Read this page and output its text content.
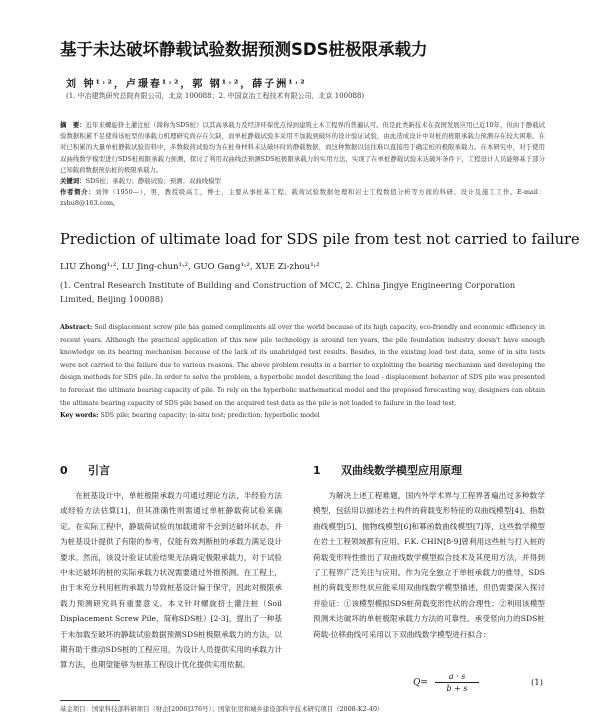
基于未达破坏静载试验数据预测SDS桩极限承载力
刘 钟¹˒²，卢璟春¹˒²，郭 钢¹˒²，薛子洲¹˒²
(1. 中冶建筑研究总院有限公司，北京 100088；2. 中国京冶工程技术有限公司，北京 100088)

摘　要：近年来螺旋挤土灌注桩（简称为SDS桩）以其高承载力及经济环保优点得到建筑土木工程界的普遍认可。但是此类新技术在我国发展应用已近10年，但由于静载试验数据积累不足使得该桩型的承载力机理研究尚存在欠缺，而单桩静载试验多采用不加载到破坏的设计验证试验，由此造成设计中对桩的极限承载力预测存在较大困难。在对已积累的大量单桩静载试验资料中，多数载荷试验均为在桩身材料未达破坏时的静载数据，而这种数据以往往难以直接用于确定桩的极限承载力。在本研究中，对于使用双曲线数学模型进行SDS桩极限承载力预测，探讨了利用双曲线法预测SDS桩极限承载力的实用方法，实现了在单桩静载试验未达破坏条件下，工程设计人员能够基于部分已知载荷数据预估桩的极限承载力。

关键词：SDS桩；承载力；静载试验；预测；双曲线模型

作者简介：刘钟（1950—），男，教授级高工，博士，主要从事桩基工程、载荷试验数据处理和岩土工程数值分析等方面的科研、设计及施工工作。E-mail：zshu8@163.com。

Prediction of ultimate load for SDS pile from test not carried to failure
LIU Zhong¹˒², LU Jing-chun¹˒², GUO Gang¹˒², XUE Zi-zhou¹˒²
(1. Central Research Institute of Building and Construction of MCC, 2. China Jingye Engineering Corporation Limited, Beijing 100088)

Abstract: Soil displacement screw pile has gained compliments all over the world because of its high capacity, eco-friendly and economic efficiency in recent years. Although the practical application of this new pile technology is around ten years, the pile foundation industry doesn't have enough knowledge on its bearing mechanism because of the lack of its unabridged test results. Besides, in the existing load test data, some of in situ tests were not carried to the failure due to various reasons. The above problem results in a barrier to exploiting the bearing mechanism and developing the design methods for SDS pile. In order to solve the problem, a hyperbolic model describing the load - displacement behavior of SDS pile was presented to forecast the ultimate bearing capacity of pile. To rely on the hyperbolic mathematical model and the proposed forecasting way, designers can obtain the ultimate bearing capacity of SDS pile based on the acquired test data as the pile is not loaded to failure in the load test.

Key words: SDS pile; bearing capacity; in-situ test; prediction; hyperbolic model

0 引言

在桩基设计中，单桩极限承载力可通过理论方法，半经验方法或经验方法估算[1]，但其准确性则需通过单桩静载荷试验来确定。在实际工程中，静载荷试验的加载通常不会到达破坏状态，并为桩基设计提供了有限的参考，仅能有效判断桩的承载力满足设计要求。然而，该设计验证试验结果无法确定极限承载力，对于试验中未达破坏的桩的实际承载力状况需要通过外推预测。在工程上，由于未充分利用桩的承载力导致桩基设计偏于保守，因此对极限承载力预测研究具有重要意义。本文针对螺旋挤土灌注桩（Soil Displacement Screw Pile，简称SDS桩）[2-3]，提出了一种基于未加载至破坏的静载试验数据预测SDS桩极限承载力的方法，以期有助于推动SDS桩的工程应用，为设计人员提供实用的承载力计算方法，也期望能够为桩基工程设计优化提供实用依据。

1 双曲线数学模型应用原理

为解决上述工程难题，国内外学术界与工程界普遍出过多种数学模型，包括用以描述岩土构件的荷载变形特征的双曲线模型[4]、指数曲线模型[5]、抛物线模型[6]和幂函数曲线模型[7]等，这些数学模型在岩土工程领域都有应用。F.K. CHIN[8-9]曾利用这些桩与打入桩的荷载变形特性推出了双曲线数学模型拟合技术及其使用方法，并得到了工程界广泛关注与应用。作为完全独立于单桩承载力的推导，SDS桩的荷载变形性状应能采用双曲线数学模型描述，但仍需要深入探讨并验证：①该模型模拟SDS桩荷载变形性状的合理性；②利用该模型预测未达破坏的单桩极限承载力方法的可靠性。承受竖向力的SDS桩荷载-位移曲线可采用以下双曲线数学模型进行拟合：

$Q= \frac{a \cdot s}{b + s}$	(1)
基金项目：国家科技部科研项目（财企[2006]376号）；国家住房和城乡建设部科学技术研究项目（2008-K2-40）
